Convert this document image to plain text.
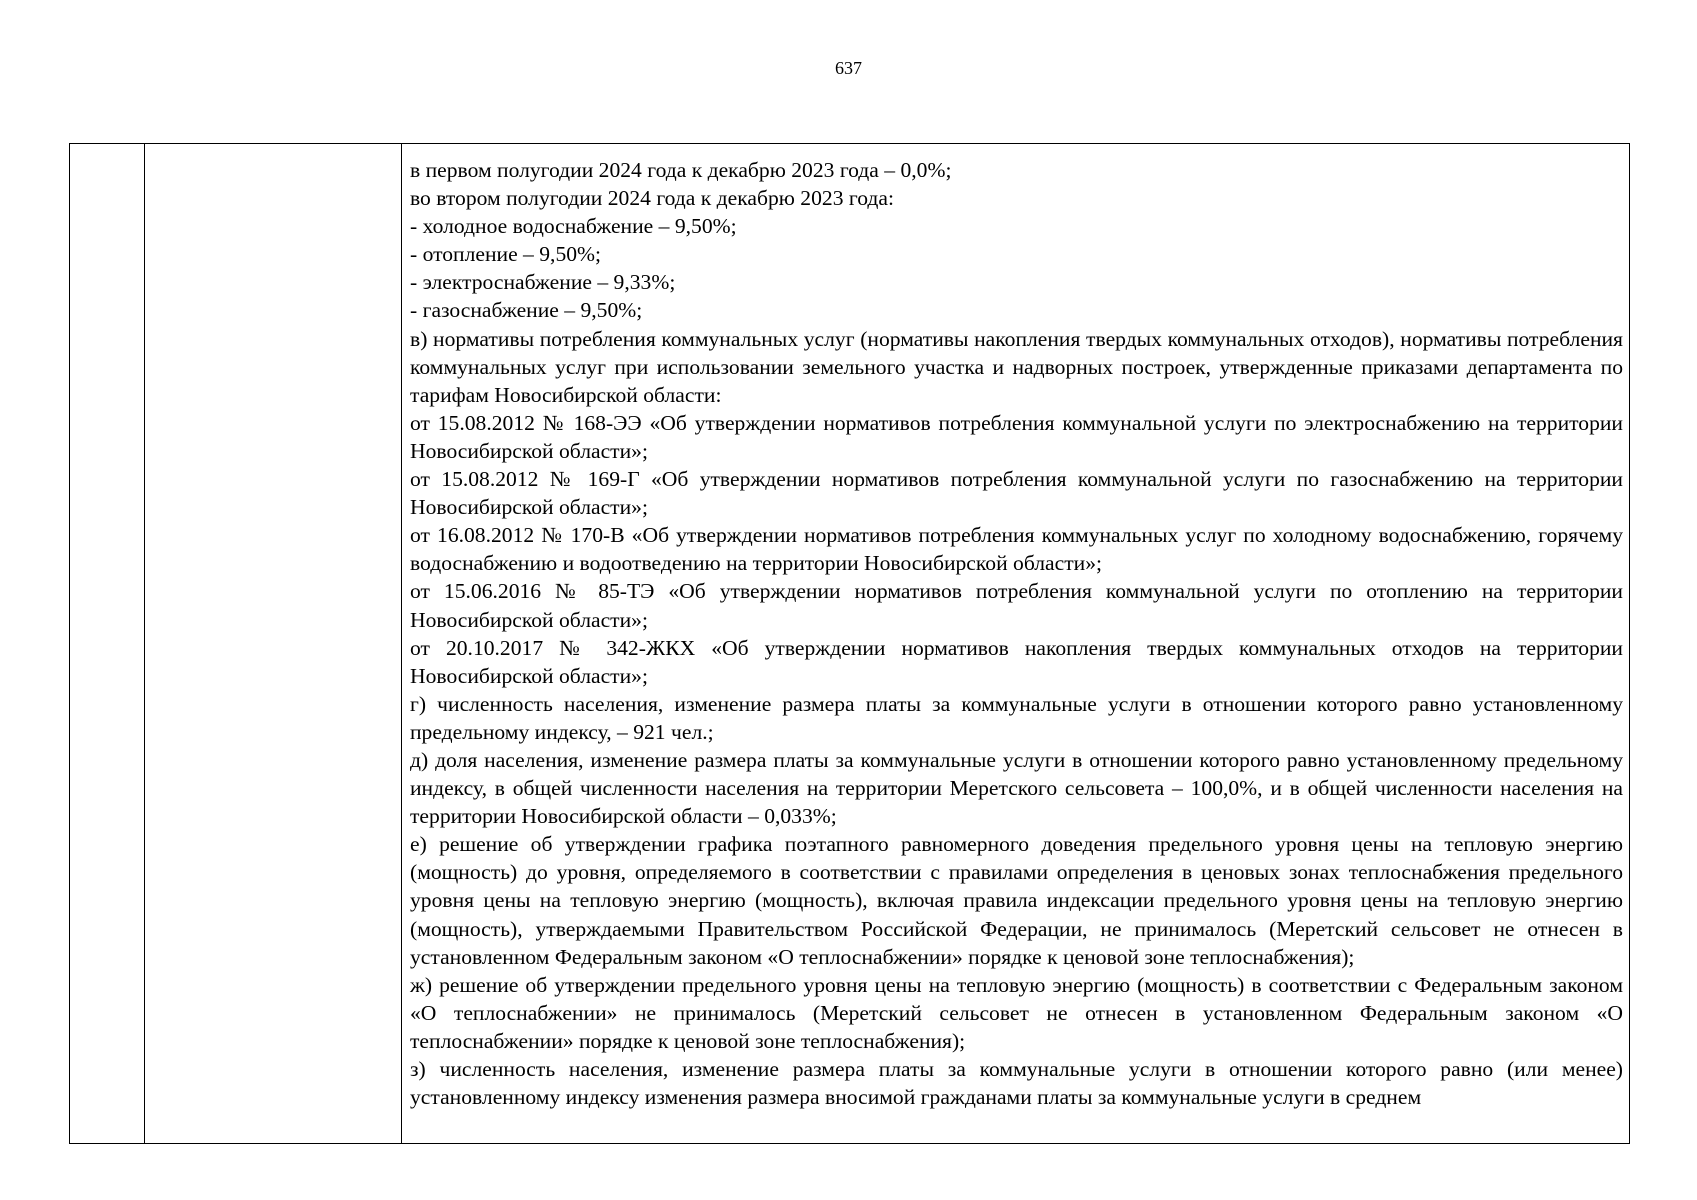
637

в первом полугодии 2024 года к декабрю 2023 года – 0,0%;

во втором полугодии 2024 года к декабрю 2023 года:

- холодное водоснабжение – 9,50%;

- отопление – 9,50%;

- электроснабжение – 9,33%;

- газоснабжение – 9,50%;

в) нормативы потребления коммунальных услуг (нормативы накопления твердых коммунальных отходов), нормативы потребления коммунальных услуг при использовании земельного участка и надворных построек, утвержденные приказами департамента по тарифам Новосибирской области:

от 15.08.2012 № 168-ЭЭ «Об утверждении нормативов потребления коммунальной услуги по электроснабжению на территории Новосибирской области»;

от 15.08.2012 № 169-Г «Об утверждении нормативов потребления коммунальной услуги по газоснабжению на территории Новосибирской области»;

от 16.08.2012 № 170-В «Об утверждении нормативов потребления коммунальных услуг по холодному водоснабжению, горячему водоснабжению и водоотведению на территории Новосибирской области»;

от 15.06.2016 № 85-ТЭ «Об утверждении нормативов потребления коммунальной услуги по отоплению на территории Новосибирской области»;

от 20.10.2017 № 342-ЖКХ «Об утверждении нормативов накопления твердых коммунальных отходов на территории Новосибирской области»;

г) численность населения, изменение размера платы за коммунальные услуги в отношении которого равно установленному предельному индексу, – 921 чел.;

д) доля населения, изменение размера платы за коммунальные услуги в отношении которого равно установленному предельному индексу, в общей численности населения на территории Меретского сельсовета – 100,0%, и в общей численности населения на территории Новосибирской области – 0,033%;

е) решение об утверждении графика поэтапного равномерного доведения предельного уровня цены на тепловую энергию (мощность) до уровня, определяемого в соответствии с правилами определения в ценовых зонах теплоснабжения предельного уровня цены на тепловую энергию (мощность), включая правила индексации предельного уровня цены на тепловую энергию (мощность), утверждаемыми Правительством Российской Федерации, не принималось (Меретский сельсовет не отнесен в установленном Федеральным законом «О теплоснабжении» порядке к ценовой зоне теплоснабжения);

ж) решение об утверждении предельного уровня цены на тепловую энергию (мощность) в соответствии с Федеральным законом «О теплоснабжении» не принималось (Меретский сельсовет не отнесен в установленном Федеральным законом «О теплоснабжении» порядке к ценовой зоне теплоснабжения);

з) численность населения, изменение размера платы за коммунальные услуги в отношении которого равно (или менее) установленному индексу изменения размера вносимой гражданами платы за коммунальные услуги в среднем
